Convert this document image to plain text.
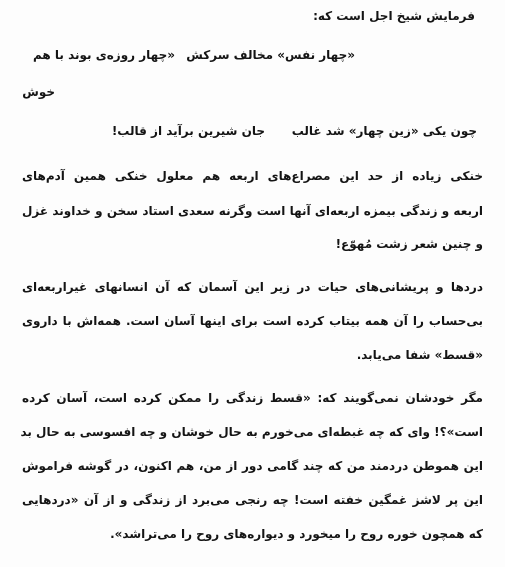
فرمایش شیخ اجل است که:
«چهار نفس» مخالف سرکش
«چهار روزه‌ی بوند با هم
خوش
چون یکی «زین چهار» شد غالب
جان شیرین برآید از قالب!
خنکی زیاده از حد این مصراع‌های اربعه هم معلول خنکی همین آدم‌های
اربعه و زندگی بیمزه اربعه‌ای آنها است وگرنه سعدی استاد سخن و خداوند غزل
و چنین شعر زشت مُهوّع!
دردها و پریشانی‌های حیات در زیر این آسمان که آن انسانهای غیراربعه‌ای
بی‌حساب را آن همه بیتاب کرده است برای اینها آسان است. همه‌اش با داروی
«قسط» شفا می‌یابد.
مگر خودشان نمی‌گویند که: «قسط زندگی را ممکن کرده است، آسان کرده
است»؟! وای که چه غبطه‌ای می‌خورم به حال خوشان و چه افسوسی به حال بد
این هموطن دردمند من که چند گامی دور از من، هم اکنون، در گوشه فراموش
این پر لاشز غمگین خفته است! چه رنجی می‌برد از زندگی و از آن «دردهایی
که همچون خوره روح را میخورد و دیواره‌های روح را می‌تراشد».
